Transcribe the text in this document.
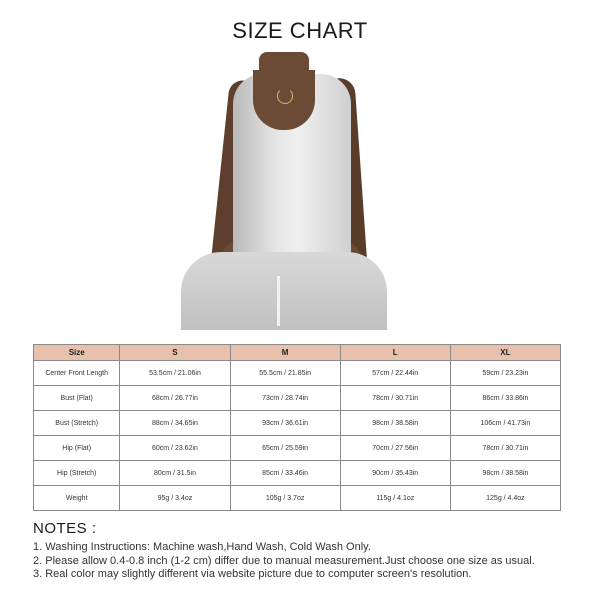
SIZE CHART
Size	S	M	L	XL
Center Front Length	53.5cm / 21.06in	55.5cm / 21.85in	57cm / 22.44in	59cm / 23.23in
Bust (Flat)	68cm / 26.77in	73cm / 28.74in	78cm / 30.71in	86cm / 33.86in
Bust (Stretch)	88cm / 34.65in	93cm / 36.61in	98cm / 38.58in	106cm / 41.73in
Hip (Flat)	60cm / 23.62in	65cm / 25.59in	70cm / 27.56in	78cm / 30.71in
Hip (Stretch)	80cm / 31.5in	85cm / 33.46in	90cm / 35.43in	98cm / 38.58in
Weight	95g / 3.4oz	105g / 3.7oz	115g / 4.1oz	125g / 4.4oz
NOTES :
1. Washing Instructions: Machine wash,Hand Wash, Cold Wash Only.
2. Please allow 0.4-0.8 inch (1-2 cm) differ due to manual measurement.Just choose one size as usual.
3. Real color may slightly different via website picture due to computer screen's resolution.
